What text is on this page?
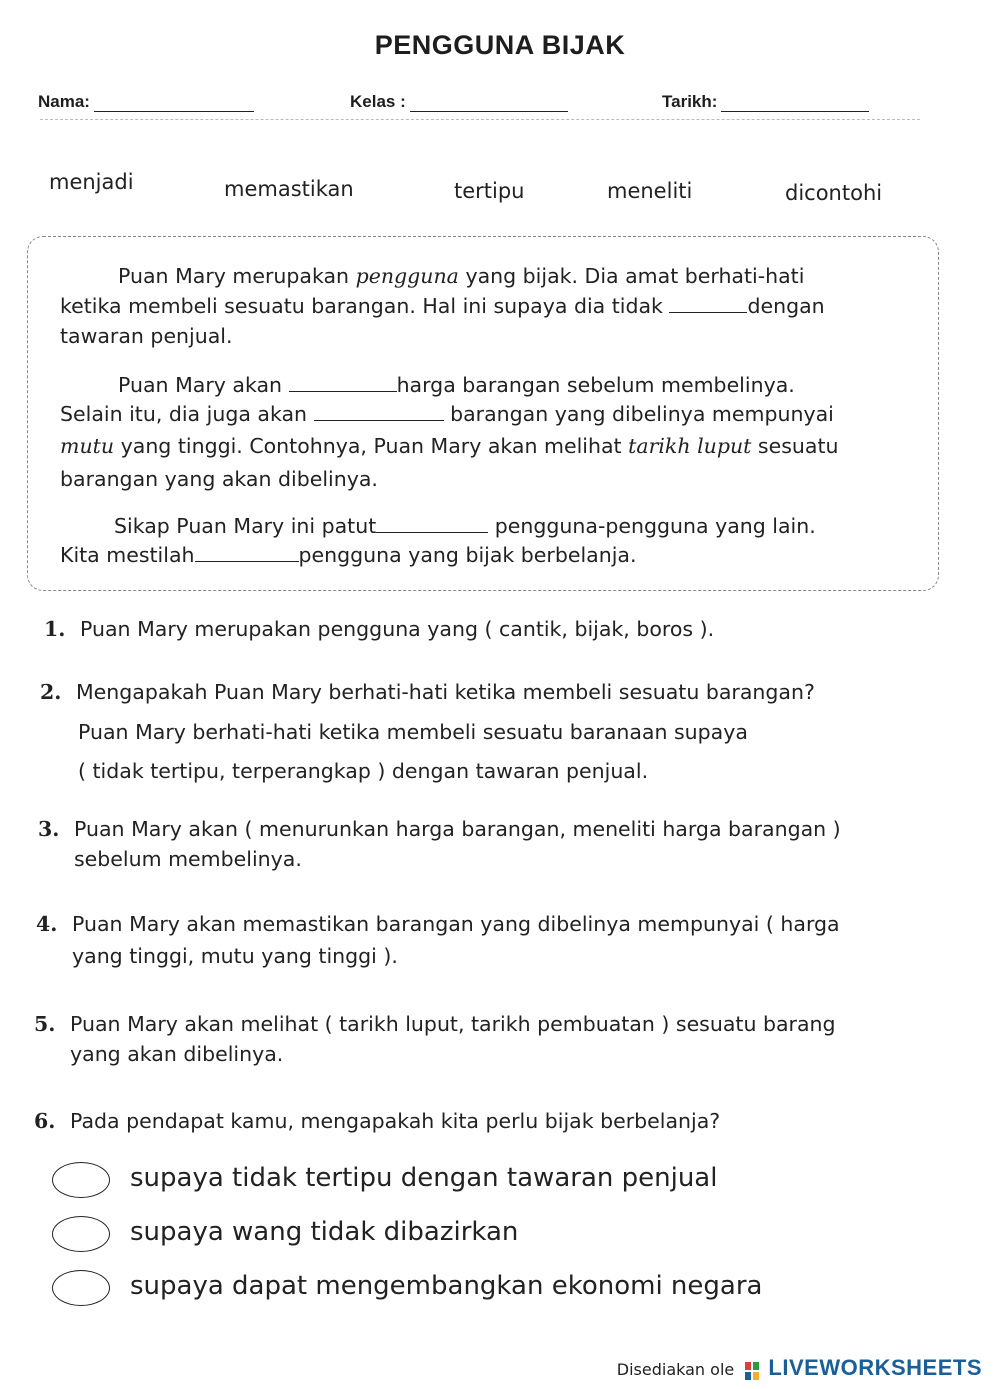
PENGGUNA BIJAK
Nama:	Kelas :	Tarikh:
menjadi	memastikan	tertipu	meneliti	dicontohi
Puan Mary merupakan pengguna yang bijak. Dia amat berhati-hati
ketika membeli sesuatu barangan. Hal ini supaya dia tidak	dengan
tawaran penjual.
Puan Mary akan	harga barangan sebelum membelinya.
Selain itu, dia juga akan	barangan yang dibelinya mempunyai
mutu yang tinggi. Contohnya, Puan Mary akan melihat tarikh luput sesuatu
barangan yang akan dibelinya.
Sikap Puan Mary ini patut	pengguna-pengguna yang lain.
Kita mestilah	pengguna yang bijak berbelanja.
1. Puan Mary merupakan pengguna yang ( cantik, bijak, boros ).
2. Mengapakah Puan Mary berhati-hati ketika membeli sesuatu barangan?
Puan Mary berhati-hati ketika membeli sesuatu baranaan supaya
( tidak tertipu, terperangkap ) dengan tawaran penjual.
3. Puan Mary akan ( menurunkan harga barangan, meneliti harga barangan )
sebelum membelinya.
4. Puan Mary akan memastikan barangan yang dibelinya mempunyai ( harga
yang tinggi, mutu yang tinggi ).
5. Puan Mary akan melihat ( tarikh luput, tarikh pembuatan ) sesuatu barang
yang akan dibelinya.
6. Pada pendapat kamu, mengapakah kita perlu bijak berbelanja?
supaya tidak tertipu dengan tawaran penjual
supaya wang tidak dibazirkan
supaya dapat mengembangkan ekonomi negara
Disediakan ole LIVEWORKSHEETS
